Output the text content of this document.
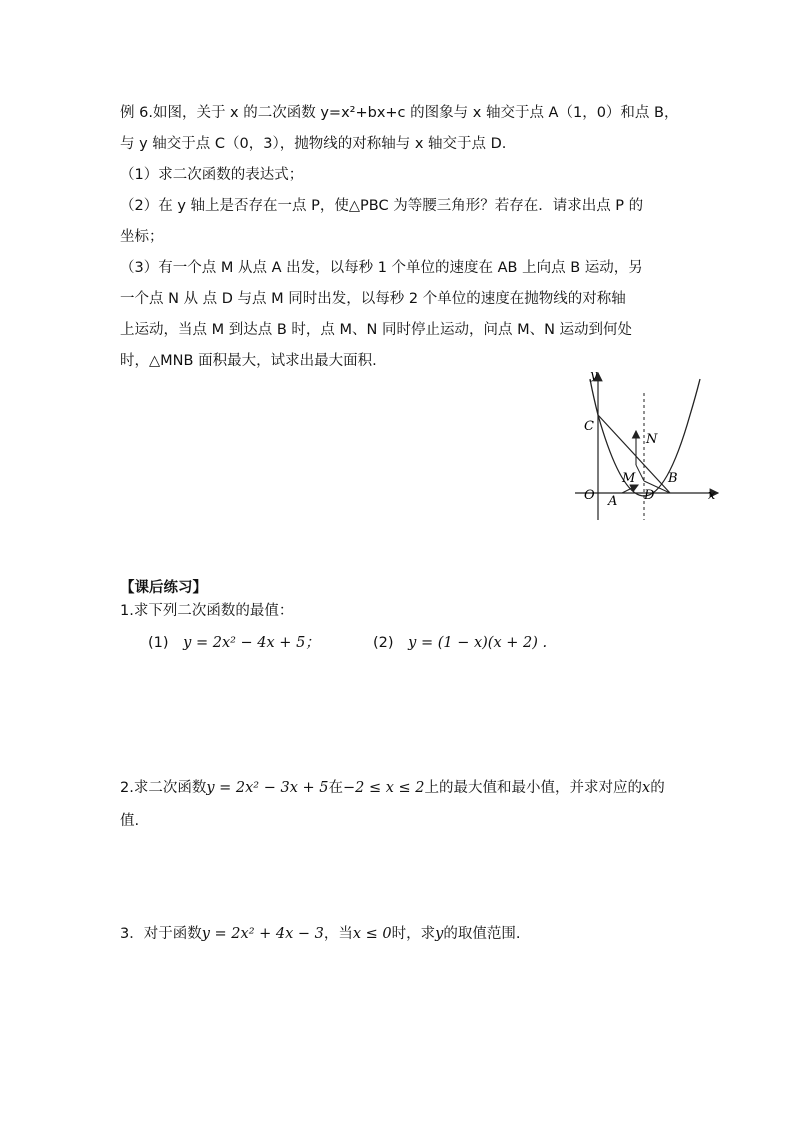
例 6.如图，关于 x 的二次函数 y=x²+bx+c 的图象与 x 轴交于点 A（1，0）和点 B，
与 y 轴交于点 C（0，3），抛物线的对称轴与 x 轴交于点 D.
（1）求二次函数的表达式；
（2）在 y 轴上是否存在一点 P，使△PBC 为等腰三角形？若存在．请求出点 P 的
坐标；
（3）有一个点 M 从点 A 出发，以每秒 1 个单位的速度在 AB 上向点 B 运动，另
一个点 N 从 点 D 与点 M 同时出发，以每秒 2 个单位的速度在抛物线的对称轴
上运动，当点 M 到达点 B 时，点 M、N 同时停止运动，问点 M、N 运动到何处
时，△MNB 面积最大，试求出最大面积.
y
x
C
N
M
A
B
O	D
【课后练习】
1.求下列二次函数的最值：
(1) y = 2x² − 4x + 5；	(2) y = (1 − x)(x + 2) .
2.求二次函数y = 2x² − 3x + 5在−2 ≤ x ≤ 2上的最大值和最小值，并求对应的x的
值.
3．对于函数y = 2x² + 4x − 3，当x ≤ 0时，求y的取值范围.
